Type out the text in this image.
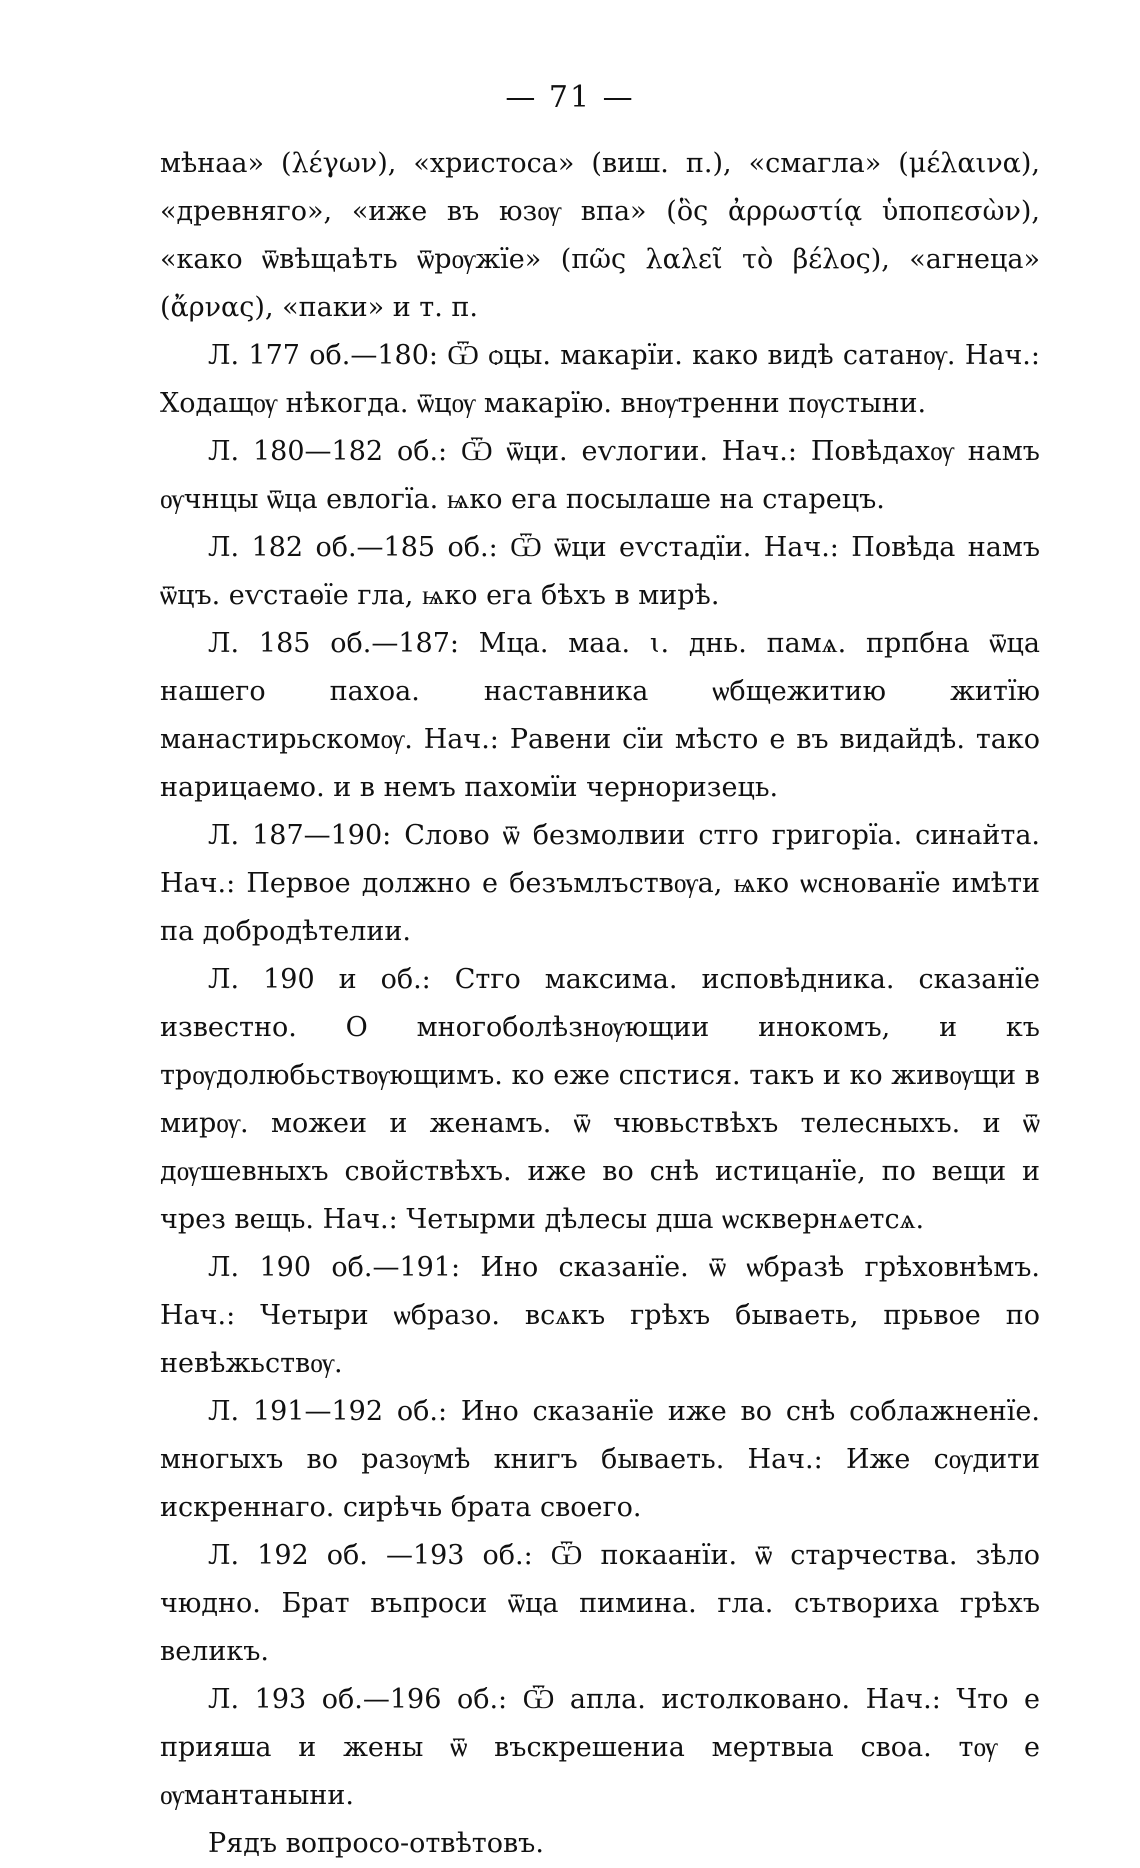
— 71 —

мѣнаа» (λέγων), «христоса» (виш. п.), «смагла» (μέλαινα), «древняго», «иже въ юзѹ впа» (ὃς ἀρρωστίᾳ ὑποπεσὼν), «како ѿвѣщаѣть ѿрѹжїе» (πῶς λαλεῖ τὸ βέλος), «агнеца» (ἄρνας), «паки» и т. п.

Л. 177 об.—180: Ѿ ѻцы. макарїи. како видѣ сатанѹ. Нач.: Ходащѹ нѣкогда. ѿцѹ макарїю. внѹтренни пѹстыни.

Л. 180—182 об.: Ѿ ѿци. еѵлогии. Нач.: Повѣдахѹ намъ ѹчнцы ѿца евлогїа. ѩко ега посылаше на старецъ.

Л. 182 об.—185 об.: Ѿ ѿци еѵстадїи. Нач.: Повѣда намъ ѿцъ. еѵстаѳїе гла, ѩко ега бѣхъ в мирѣ.

Л. 185 об.—187: Мца. маа. ꙇ. днь. памѧ. прпбна ѿца нашего пахоа. наставника ѡбщежитию житїю манастирьскомѹ. Нач.: Равени сїи мѣсто е въ видайдѣ. тако нарицаемо. и в немъ пахомїи черноризець.

Л. 187—190: Слово ѿ безмолвии стго григорїа. синайта. Нач.: Первое должно е безъмлъствѹа, ѩко ѡснованїе имѣти па добродѣтелии.

Л. 190 и об.: Стго максима. исповѣдника. сказанїе известно. О многоболѣзнѹющии инокомъ, и къ трѹдолюбьствѹющимъ. ко еже спстися. такъ и ко живѹщи в мирѹ. можеи и женамъ. ѿ чювьствѣхъ телесныхъ. и ѿ дѹшевныхъ свойствѣхъ. иже во снѣ истицанїе, по вещи и чрез вещь. Нач.: Четырми дѣлесы дша ѡсквернѧетсѧ.

Л. 190 об.—191: Ино сказанїе. ѿ ѡбразѣ грѣховнѣмъ. Нач.: Четыри ѡбразо. всѧкъ грѣхъ бываеть, прьвое по невѣжьствѹ.

Л. 191—192 об.: Ино сказанїе иже во снѣ соблажненїе. многыхъ во разѹмѣ книгъ бываеть. Нач.: Иже сѹдити искреннаго. сирѣчь брата своего.

Л. 192 об. —193 об.: Ѿ покаанїи. ѿ старчества. зѣло чюдно. Брат въпроси ѿца пимина. гла. сътвориха грѣхъ великъ.

Л. 193 об.—196 об.: Ѿ апла. истолковано. Нач.: Что е прияша и жены ѿ въскрешениа мертвыа своа. тѹ е ѹмантаныни.

Рядъ вопросо-отвѣтовъ.
